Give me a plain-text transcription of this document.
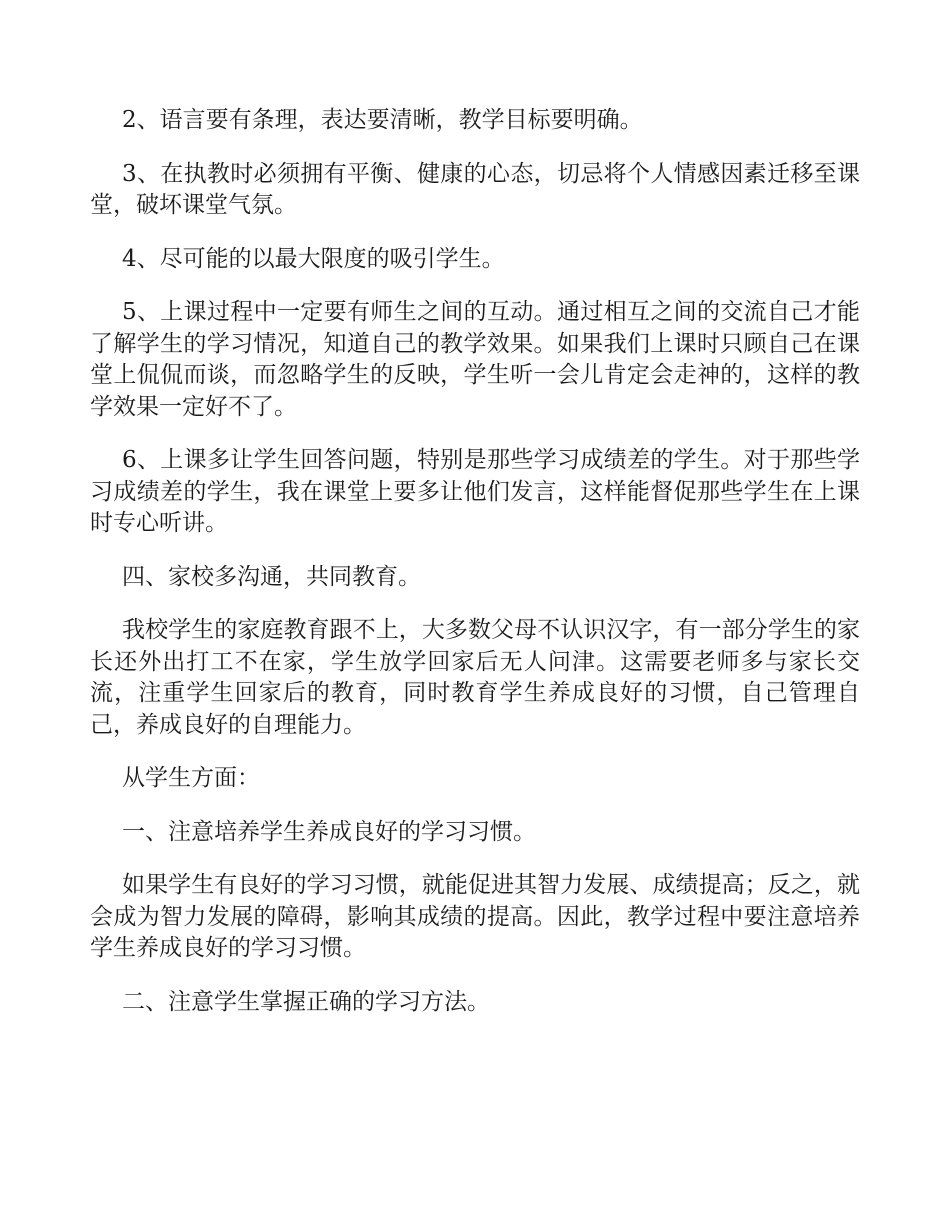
2、语言要有条理，表达要清晰，教学目标要明确。

3、在执教时必须拥有平衡、健康的心态，切忌将个人情感因素迁移至课堂，破坏课堂气氛。

4、尽可能的以最大限度的吸引学生。

5、上课过程中一定要有师生之间的互动。通过相互之间的交流自己才能了解学生的学习情况，知道自己的教学效果。如果我们上课时只顾自己在课堂上侃侃而谈，而忽略学生的反映，学生听一会儿肯定会走神的，这样的教学效果一定好不了。

6、上课多让学生回答问题，特别是那些学习成绩差的学生。对于那些学习成绩差的学生，我在课堂上要多让他们发言，这样能督促那些学生在上课时专心听讲。

四、家校多沟通，共同教育。

我校学生的家庭教育跟不上，大多数父母不认识汉字，有一部分学生的家长还外出打工不在家，学生放学回家后无人问津。这需要老师多与家长交流，注重学生回家后的教育，同时教育学生养成良好的习惯，自己管理自己，养成良好的自理能力。

从学生方面：

一、注意培养学生养成良好的学习习惯。

如果学生有良好的学习习惯，就能促进其智力发展、成绩提高；反之，就会成为智力发展的障碍，影响其成绩的提高。因此，教学过程中要注意培养学生养成良好的学习习惯。

二、注意学生掌握正确的学习方法。
